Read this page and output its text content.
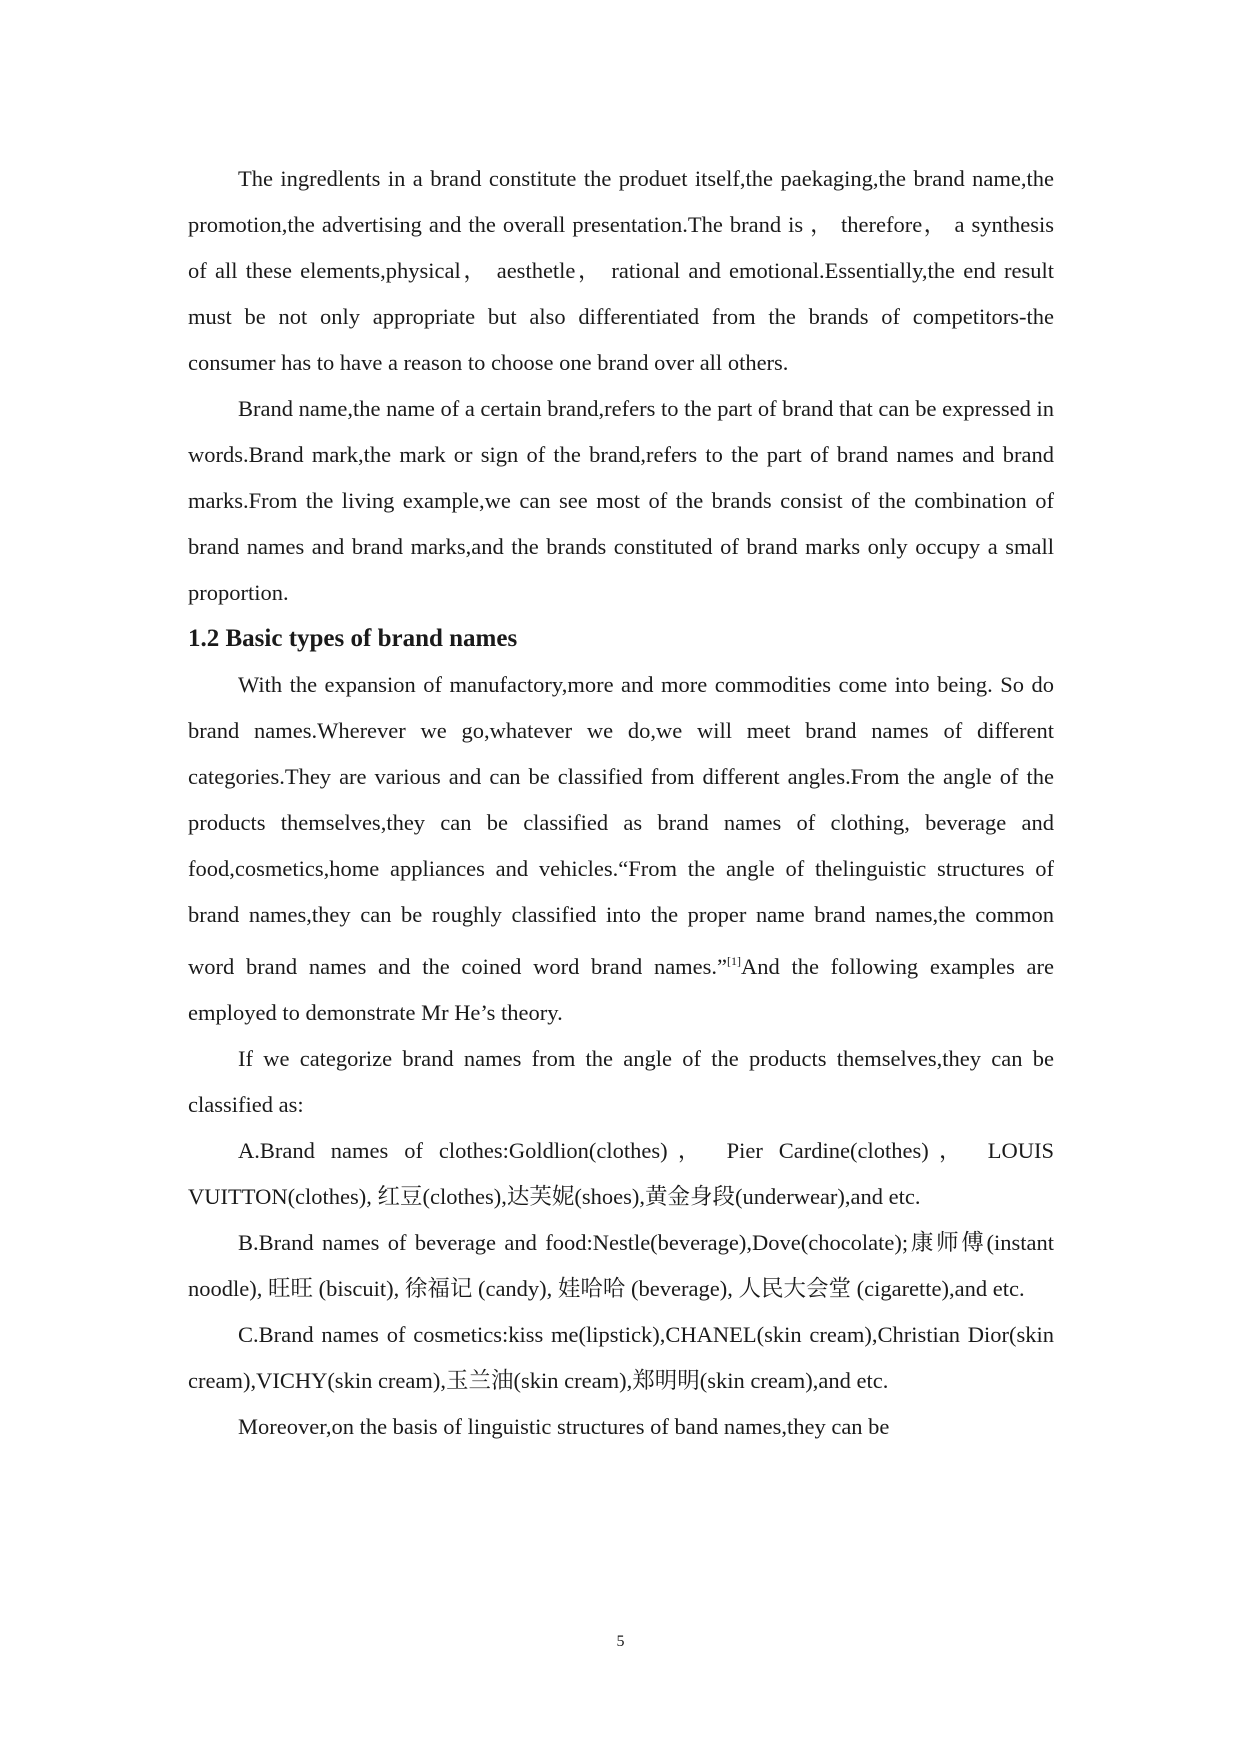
The ingredlents in a brand constitute the produet itself,the paekaging,the brand name,the promotion,the advertising and the overall presentation.The brand is ， therefore， a synthesis of all these elements,physical， aesthetle， rational and emotional.Essentially,the end result must be not only appropriate but also differentiated from the brands of competitors-the consumer has to have a reason to choose one brand over all others.

Brand name,the name of a certain brand,refers to the part of brand that can be expressed in words.Brand mark,the mark or sign of the brand,refers to the part of brand names and brand marks.From the living example,we can see most of the brands consist of the combination of brand names and brand marks,and the brands constituted of brand marks only occupy a small proportion.

1.2 Basic types of brand names

With the expansion of manufactory,more and more commodities come into being. So do brand names.Wherever we go,whatever we do,we will meet brand names of different categories.They are various and can be classified from different angles.From the angle of the products themselves,they can be classified as brand names of clothing, beverage and food,cosmetics,home appliances and vehicles.“From the angle of thelinguistic structures of brand names,they can be roughly classified into the proper name brand names,the common word brand names and the coined word brand names.”[1]And the following examples are employed to demonstrate Mr He’s theory.

If we categorize brand names from the angle of the products themselves,they can be classified as:

A.Brand names of clothes:Goldlion(clothes)， Pier Cardine(clothes)， LOUIS VUITTON(clothes), 红豆(clothes),达芙妮(shoes),黄金身段(underwear),and etc.

B.Brand names of beverage and food:Nestle(beverage),Dove(chocolate);康师傅(instant noodle), 旺旺 (biscuit), 徐福记 (candy), 娃哈哈 (beverage), 人民大会堂 (cigarette),and etc.

C.Brand names of cosmetics:kiss me(lipstick),CHANEL(skin cream),Christian Dior(skin cream),VICHY(skin cream),玉兰油(skin cream),郑明明(skin cream),and etc.

Moreover,on the basis of linguistic structures of band names,they can be

5
